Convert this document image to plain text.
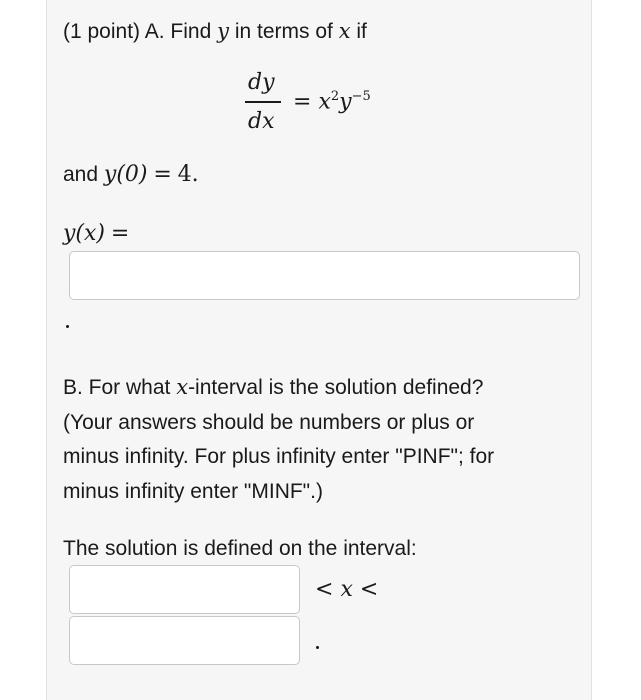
(1 point) A. Find y in terms of x if
dy
dx
= $x^2y^{-5}$
and y(0) = 4.
y(x) =
B. For what x-interval is the solution defined?
(Your answers should be numbers or plus or
minus infinity. For plus infinity enter "PINF"; for
minus infinity enter "MINF".)
The solution is defined on the interval:
< x <
